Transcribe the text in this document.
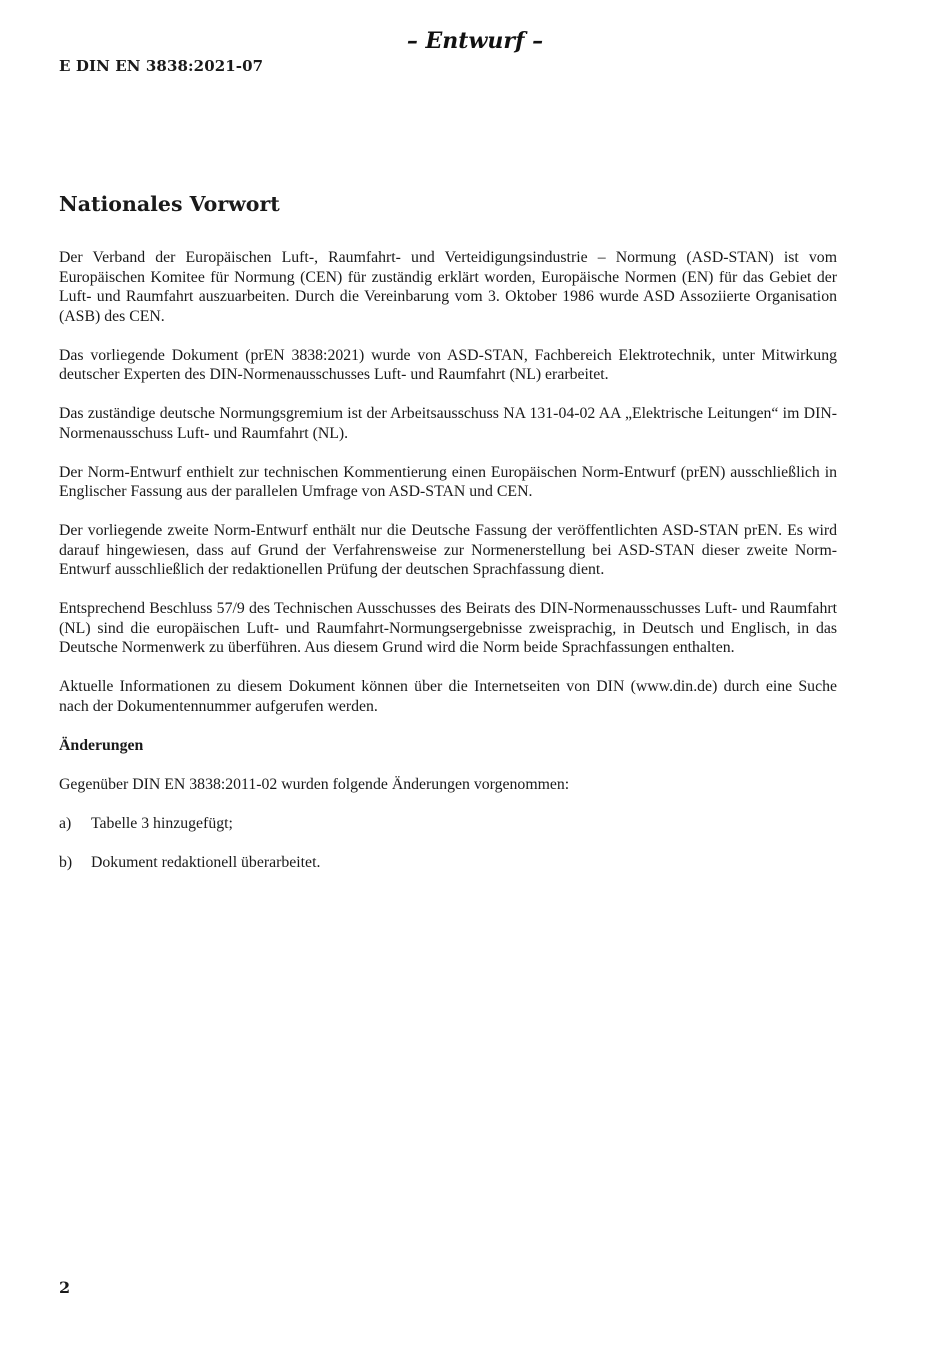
– Entwurf –
E DIN EN 3838:2021-07
Nationales Vorwort

Der Verband der Europäischen Luft-, Raumfahrt- und Verteidigungsindustrie – Normung (ASD-STAN) ist vom Europäischen Komitee für Normung (CEN) für zuständig erklärt worden, Europäische Normen (EN) für das Gebiet der Luft- und Raumfahrt auszuarbeiten. Durch die Vereinbarung vom 3. Oktober 1986 wurde ASD Assoziierte Organisation (ASB) des CEN.

Das vorliegende Dokument (prEN 3838:2021) wurde von ASD-STAN, Fachbereich Elektrotechnik, unter Mitwirkung deutscher Experten des DIN-Normenausschusses Luft- und Raumfahrt (NL) erarbeitet.

Das zuständige deutsche Normungsgremium ist der Arbeitsausschuss NA 131-04-02 AA „Elektrische Leitungen“ im DIN-Normenausschuss Luft- und Raumfahrt (NL).

Der Norm-Entwurf enthielt zur technischen Kommentierung einen Europäischen Norm-Entwurf (prEN) ausschließlich in Englischer Fassung aus der parallelen Umfrage von ASD-STAN und CEN.

Der vorliegende zweite Norm-Entwurf enthält nur die Deutsche Fassung der veröffentlichten ASD-STAN prEN. Es wird darauf hingewiesen, dass auf Grund der Verfahrensweise zur Normenerstellung bei ASD-STAN dieser zweite Norm-Entwurf ausschließlich der redaktionellen Prüfung der deutschen Sprachfassung dient.

Entsprechend Beschluss 57/9 des Technischen Ausschusses des Beirats des DIN-Normenausschusses Luft- und Raumfahrt (NL) sind die europäischen Luft- und Raumfahrt-Normungsergebnisse zweisprachig, in Deutsch und Englisch, in das Deutsche Normenwerk zu überführen. Aus diesem Grund wird die Norm beide Sprachfassungen enthalten.

Aktuelle Informationen zu diesem Dokument können über die Internetseiten von DIN (www.din.de) durch eine Suche nach der Dokumentennummer aufgerufen werden.

Änderungen

Gegenüber DIN EN 3838:2011-02 wurden folgende Änderungen vorgenommen:

a)	Tabelle 3 hinzugefügt;
b)	Dokument redaktionell überarbeitet.
2
